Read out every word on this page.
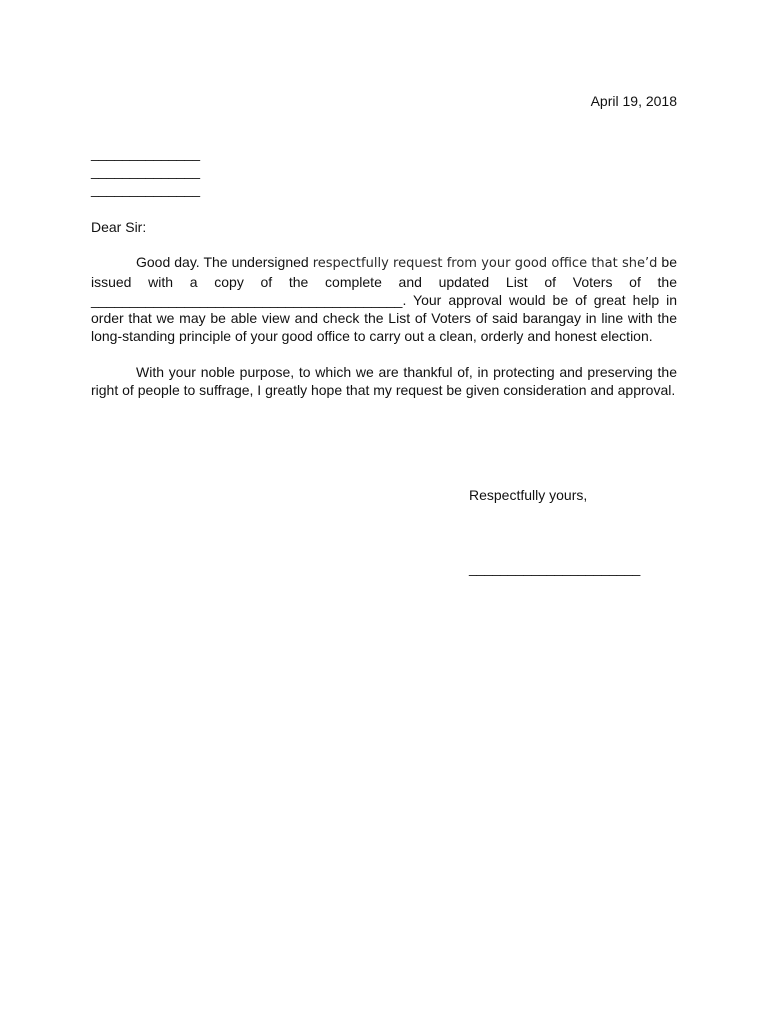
April 19, 2018
______________
______________
______________
Dear Sir:

Good day. The undersigned respectfully request from your good office that she’d be issued with a copy of the complete and updated List of Voters of the ________________________________________. Your approval would be of great help in order that we may be able view and check the List of Voters of said barangay in line with the long-standing principle of your good office to carry out a clean, orderly and honest election.

With your noble purpose, to which we are thankful of, in protecting and preserving the right of people to suffrage, I greatly hope that my request be given consideration and approval.

Respectfully yours,
______________________
